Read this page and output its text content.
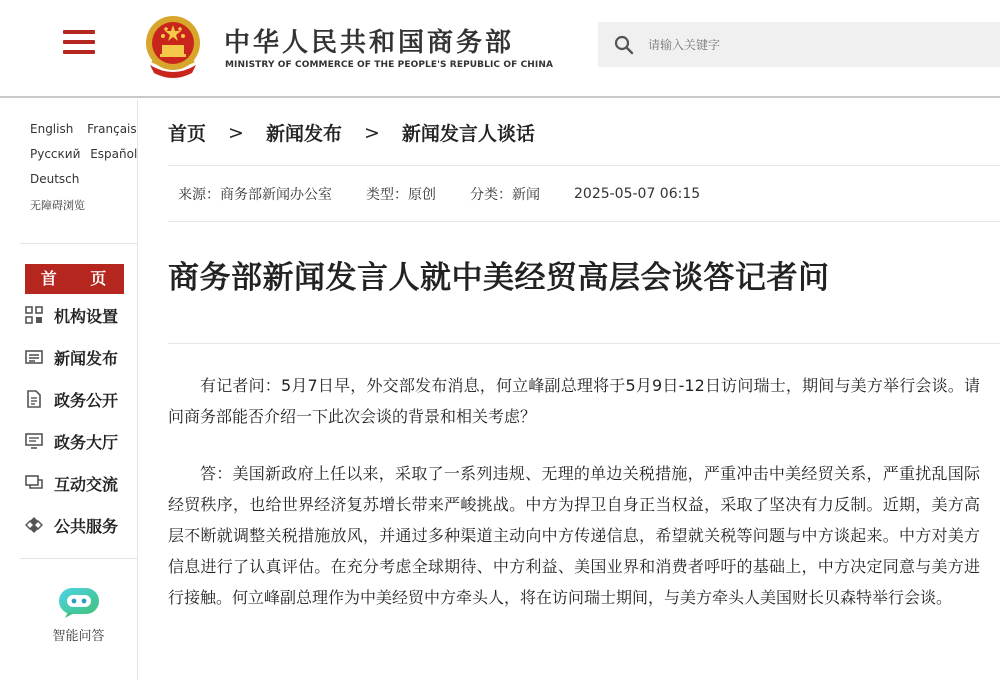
中华人民共和国商务部
MINISTRY OF COMMERCE OF THE PEOPLE'S REPUBLIC OF CHINA
请输入关键字
English Français
Русский Español
Deutsch
无障碍浏览
首 页
机构设置
新闻发布
政务公开
政务大厅
互动交流
公共服务
智能问答
首页 > 新闻发布 > 新闻发言人谈话
来源：商务部新闻办公室 类型：原创 分类：新闻 2025-05-07 06:15
商务部新闻发言人就中美经贸高层会谈答记者问

有记者问：5月7日早，外交部发布消息，何立峰副总理将于5月9日-12日访问瑞士，期间与美方举行会谈。请问商务部能否介绍一下此次会谈的背景和相关考虑？

答：美国新政府上任以来，采取了一系列违规、无理的单边关税措施，严重冲击中美经贸关系，严重扰乱国际经贸秩序，也给世界经济复苏增长带来严峻挑战。中方为捍卫自身正当权益，采取了坚决有力反制。近期，美方高层不断就调整关税措施放风，并通过多种渠道主动向中方传递信息，希望就关税等问题与中方谈起来。中方对美方信息进行了认真评估。在充分考虑全球期待、中方利益、美国业界和消费者呼吁的基础上，中方决定同意与美方进行接触。何立峰副总理作为中美经贸中方牵头人，将在访问瑞士期间，与美方牵头人美国财长贝森特举行会谈。
